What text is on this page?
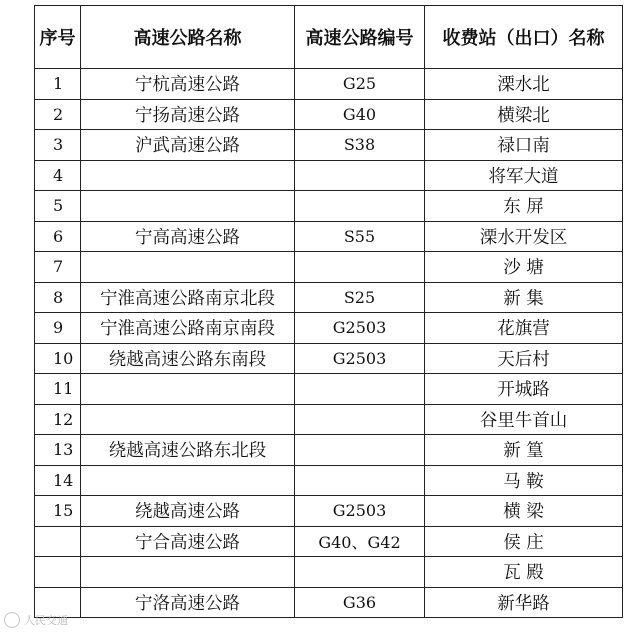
序号	高速公路名称	高速公路编号	收费站（出口）名称
1	宁杭高速公路	G25	溧水北
2	宁扬高速公路	G40	横梁北
3	沪武高速公路	S38	禄口南
4			将军大道
5			东 屏
6	宁高高速公路	S55	溧水开发区
7			沙 塘
8	宁淮高速公路南京北段	S25	新 集
9	宁淮高速公路南京南段	G2503	花旗营
10	绕越高速公路东南段	G2503	天后村
11			开城路
12			谷里牛首山
13	绕越高速公路东北段		新 篁
14			马 鞍
15	绕越高速公路	G2503	横 梁
	宁合高速公路	G40、G42	侯 庄
			瓦 殿
	宁洛高速公路	G36	新华路
人民交通
